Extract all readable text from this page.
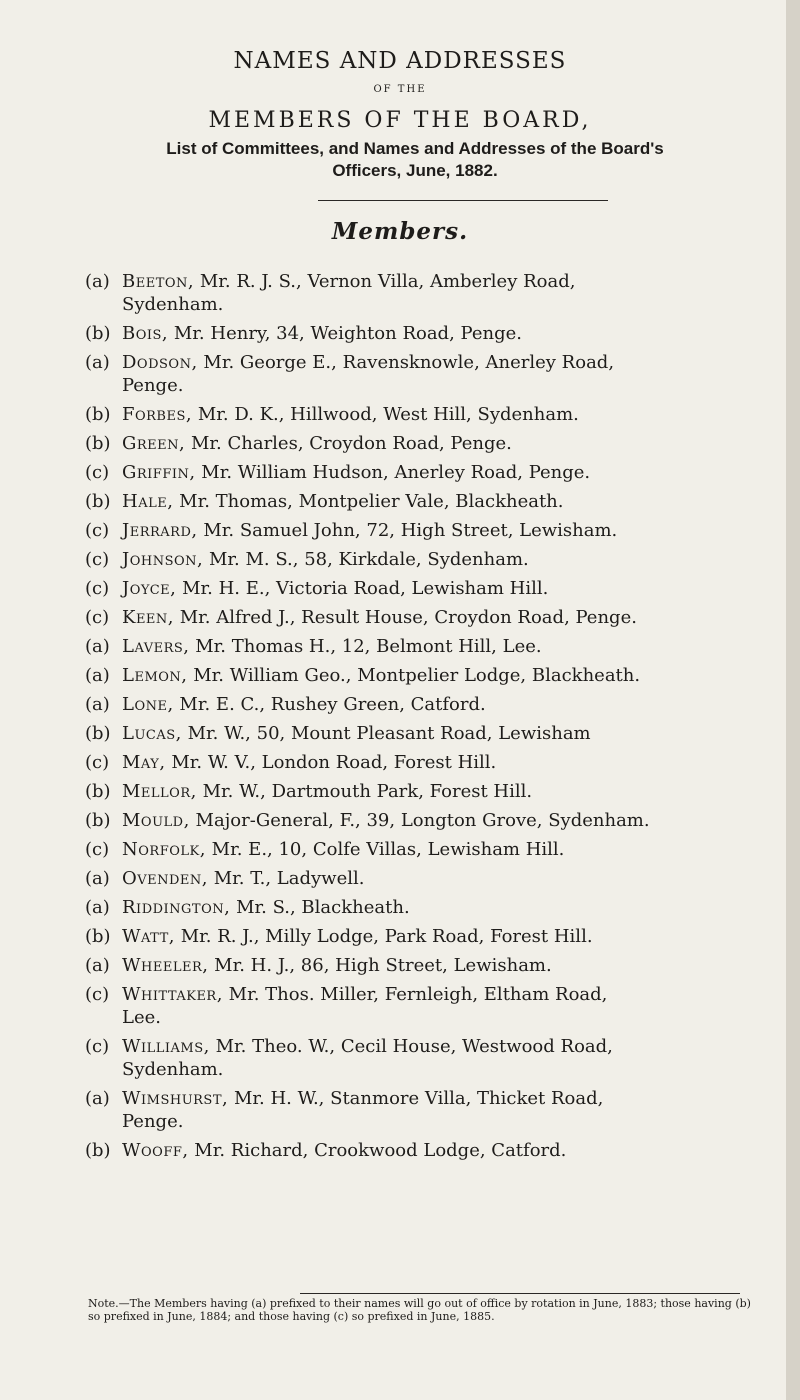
NAMES AND ADDRESSES
OF THE
MEMBERS OF THE BOARD,
List of Committees, and Names and Addresses of the Board's
Officers, June, 1882.
Members.
(a) Beeton, Mr. R. J. S., Vernon Villa, Amberley Road,
Sydenham.
(b) Bois, Mr. Henry, 34, Weighton Road, Penge.
(a) Dodson, Mr. George E., Ravensknowle, Anerley Road,
Penge.
(b) Forbes, Mr. D. K., Hillwood, West Hill, Sydenham.
(b) Green, Mr. Charles, Croydon Road, Penge.
(c) Griffin, Mr. William Hudson, Anerley Road, Penge.
(b) Hale, Mr. Thomas, Montpelier Vale, Blackheath.
(c) Jerrard, Mr. Samuel John, 72, High Street, Lewisham.
(c) Johnson, Mr. M. S., 58, Kirkdale, Sydenham.
(c) Joyce, Mr. H. E., Victoria Road, Lewisham Hill.
(c) Keen, Mr. Alfred J., Result House, Croydon Road, Penge.
(a) Lavers, Mr. Thomas H., 12, Belmont Hill, Lee.
(a) Lemon, Mr. William Geo., Montpelier Lodge, Blackheath.
(a) Lone, Mr. E. C., Rushey Green, Catford.
(b) Lucas, Mr. W., 50, Mount Pleasant Road, Lewisham
(c) May, Mr. W. V., London Road, Forest Hill.
(b) Mellor, Mr. W., Dartmouth Park, Forest Hill.
(b) Mould, Major-General, F., 39, Longton Grove, Sydenham.
(c) Norfolk, Mr. E., 10, Colfe Villas, Lewisham Hill.
(a) Ovenden, Mr. T., Ladywell.
(a) Riddington, Mr. S., Blackheath.
(b) Watt, Mr. R. J., Milly Lodge, Park Road, Forest Hill.
(a) Wheeler, Mr. H. J., 86, High Street, Lewisham.
(c) Whittaker, Mr. Thos. Miller, Fernleigh, Eltham Road,
Lee.
(c) Williams, Mr. Theo. W., Cecil House, Westwood Road,
Sydenham.
(a) Wimshurst, Mr. H. W., Stanmore Villa, Thicket Road,
Penge.
(b) Wooff, Mr. Richard, Crookwood Lodge, Catford.
Note.—The Members having (a) prefixed to their names will go out of office by rotation in June, 1883; those having (b) so prefixed in June, 1884; and those having (c) so prefixed in June, 1885.
